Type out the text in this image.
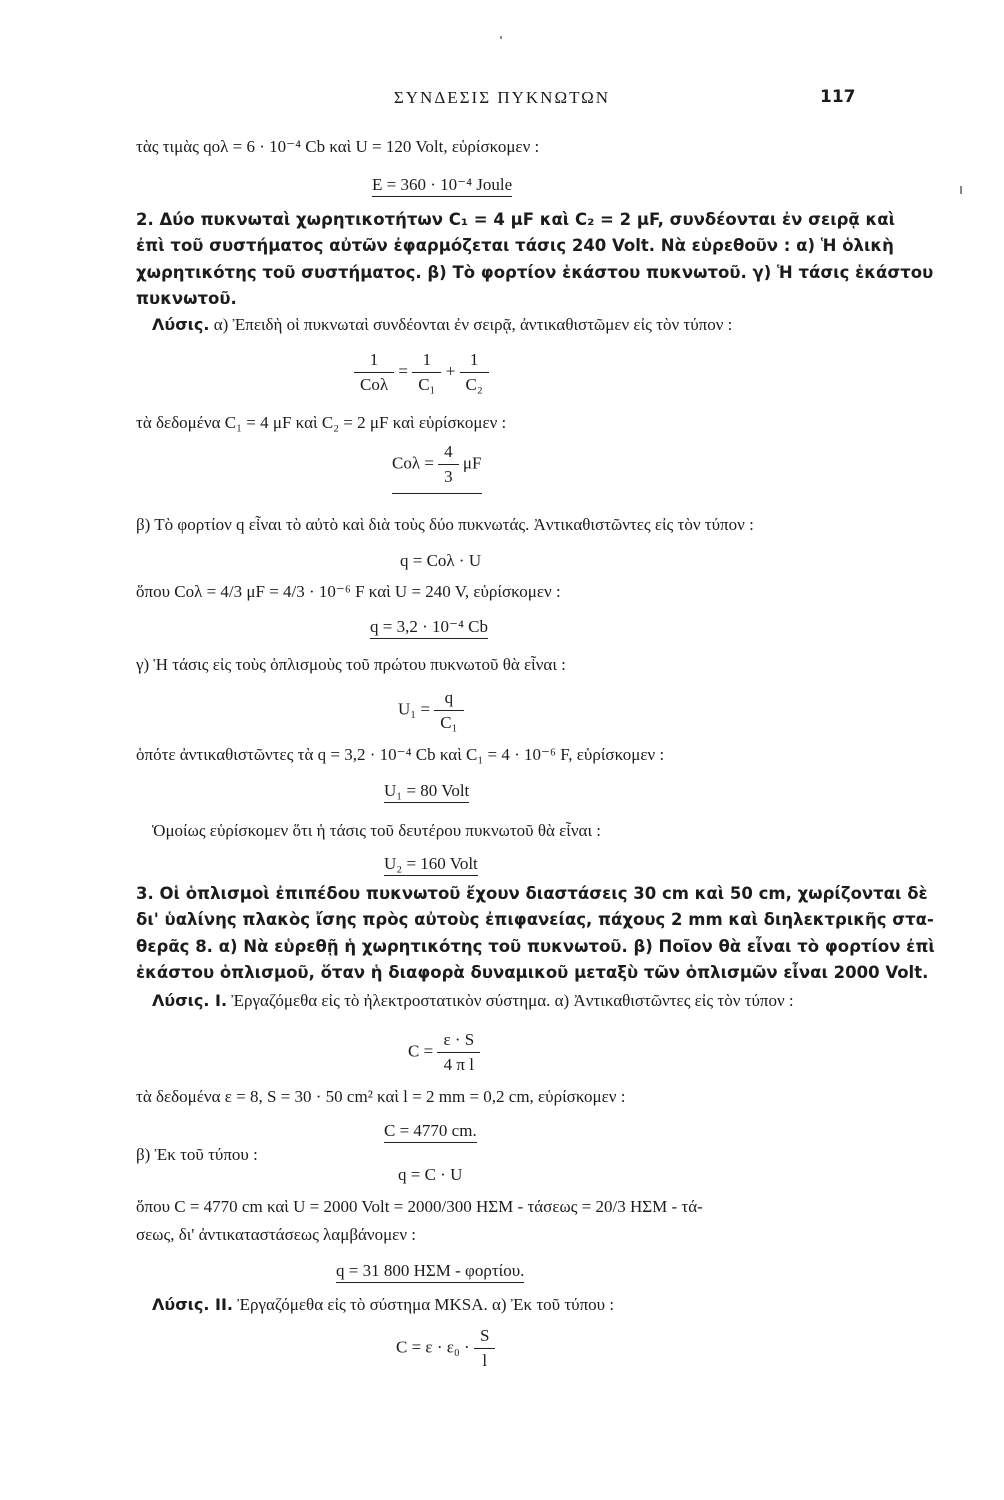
ΣΥΝΔΕΣΙΣ ΠΥΚΝΩΤΩΝ	117
τὰς τιμὰς qολ = 6 · 10⁻⁴ Cb καὶ U = 120 Volt, εὑρίσκομεν :
E = 360 · 10⁻⁴ Joule
2. Δύο πυκνωταὶ χωρητικοτήτων C₁ = 4 μF καὶ C₂ = 2 μF, συνδέονται ἐν σειρᾷ καὶ
ἐπὶ τοῦ συστήματος αὐτῶν ἐφαρμόζεται τάσις 240 Volt. Νὰ εὑρεθοῦν : α) Ἡ ὁλικὴ
χωρητικότης τοῦ συστήματος. β) Τὸ φορτίον ἑκάστου πυκνωτοῦ. γ) Ἡ τάσις ἑκάστου
πυκνωτοῦ.
Λύσις. α) Ἐπειδὴ οἱ πυκνωταὶ συνδέονται ἐν σειρᾷ, ἀντικαθιστῶμεν εἰς τὸν τύπον :
$\frac{1}{\text{Cολ}} = \frac{1}{\text{C₁}} + \frac{1}{\text{C₂}}$
τὰ δεδομένα C₁ = 4 μF καὶ C₂ = 2 μF καὶ εὑρίσκομεν :
$Co\lambda = \frac{4}{3}$ μF
β) Τὸ φορτίον q εἶναι τὸ αὐτὸ καὶ διὰ τοὺς δύο πυκνωτάς. Ἀντικαθιστῶντες εἰς τὸν τύπον :
q = Cολ · U
ὅπου Cολ = 4/3 μF = 4/3 · 10⁻⁶ F καὶ U = 240 V, εὑρίσκομεν :
q = 3,2 · 10⁻⁴ Cb
γ) Ἡ τάσις εἰς τοὺς ὁπλισμοὺς τοῦ πρώτου πυκνωτοῦ θὰ εἶναι :
$U_1 = \frac{q}{\text{C₁}}$
ὁπότε ἀντικαθιστῶντες τὰ q = 3,2 · 10⁻⁴ Cb καὶ C₁ = 4 · 10⁻⁶ F, εὑρίσκομεν :
U₁ = 80 Volt
Ὁμοίως εὑρίσκομεν ὅτι ἡ τάσις τοῦ δευτέρου πυκνωτοῦ θὰ εἶναι :
U₂ = 160 Volt
3. Οἱ ὁπλισμοὶ ἐπιπέδου πυκνωτοῦ ἔχουν διαστάσεις 30 cm καὶ 50 cm, χωρίζονται δὲ
δι' ὑαλίνης πλακὸς ἴσης πρὸς αὐτοὺς ἐπιφανείας, πάχους 2 mm καὶ διηλεκτρικῆς στα-
θερᾶς 8. α) Νὰ εὑρεθῇ ἡ χωρητικότης τοῦ πυκνωτοῦ. β) Ποῖον θὰ εἶναι τὸ φορτίον ἐπὶ
ἑκάστου ὁπλισμοῦ, ὅταν ἡ διαφορὰ δυναμικοῦ μεταξὺ τῶν ὁπλισμῶν εἶναι 2000 Volt.
Λύσις. Ι. Ἐργαζόμεθα εἰς τὸ ἠλεκτροστατικὸν σύστημα. α) Ἀντικαθιστῶντες εἰς τὸν τύπον :
$C = \frac{\varepsilon \cdot S}{\text{4 π l}}$
τὰ δεδομένα ε = 8, S = 30 · 50 cm² καὶ l = 2 mm = 0,2 cm, εὑρίσκομεν :
C = 4770 cm.
β) Ἐκ τοῦ τύπου :
q = C · U
ὅπου C = 4770 cm καὶ U = 2000 Volt = 2000/300 ΗΣΜ - τάσεως = 20/3 ΗΣΜ - τά-
σεως, δι' ἀντικαταστάσεως λαμβάνομεν :
q = 31 800 ΗΣΜ - φορτίου.
Λύσις. ΙΙ. Ἐργαζόμεθα εἰς τὸ σύστημα MKSA. α) Ἐκ τοῦ τύπου :
$C = \varepsilon \cdot \varepsilon_0 \cdot \frac{S}{l}$
